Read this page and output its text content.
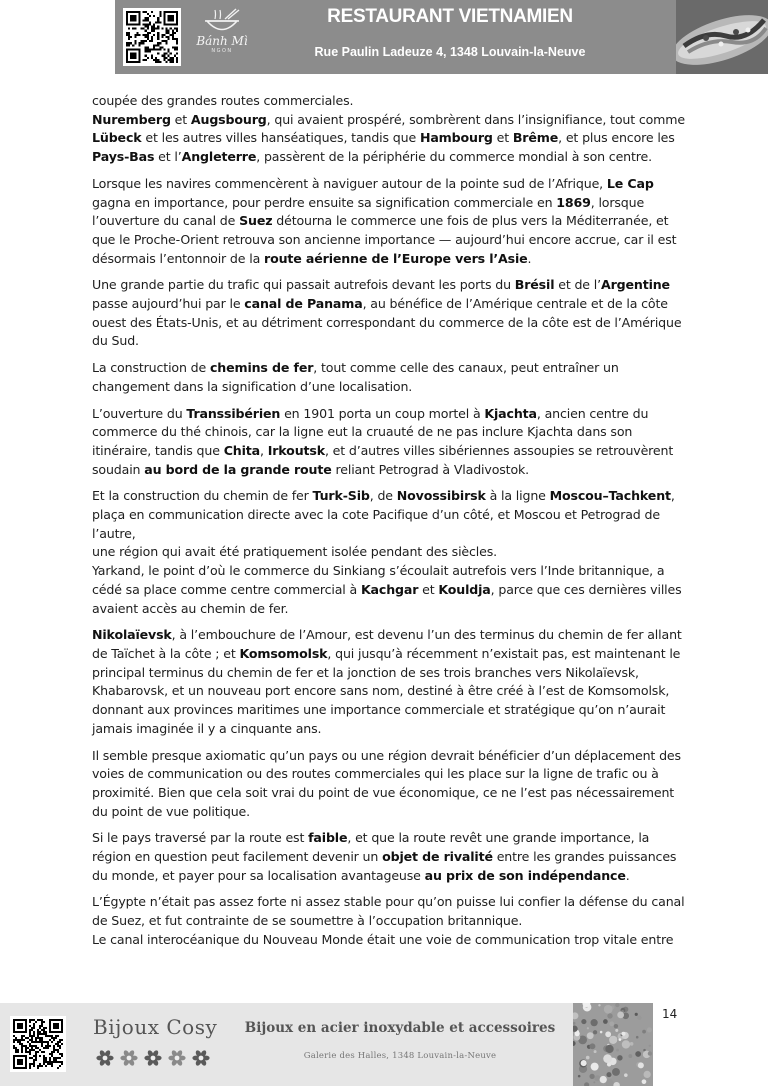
Bánh Mì
NGON
RESTAURANT VIETNAMIEN
Rue Paulin Ladeuze 4, 1348 Louvain-la-Neuve

coupée des grandes routes commerciales.
Nuremberg et Augsbourg, qui avaient prospéré, sombrèrent dans l’insignifiance, tout comme Lübeck et les autres villes hanséatiques, tandis que Hambourg et Brême, et plus encore les Pays-Bas et l’Angleterre, passèrent de la périphérie du commerce mondial à son centre.

Lorsque les navires commencèrent à naviguer autour de la pointe sud de l’Afrique, Le Cap gagna en importance, pour perdre ensuite sa signification commerciale en 1869, lorsque l’ouverture du canal de Suez détourna le commerce une fois de plus vers la Méditerranée, et que le Proche-Orient retrouva son ancienne importance — aujourd’hui encore accrue, car il est désormais l’entonnoir de la route aérienne de l’Europe vers l’Asie.

Une grande partie du trafic qui passait autrefois devant les ports du Brésil et de l’Argentine passe aujourd’hui par le canal de Panama, au bénéfice de l’Amérique centrale et de la côte ouest des États-Unis, et au détriment correspondant du commerce de la côte est de l’Amérique du Sud.

La construction de chemins de fer, tout comme celle des canaux, peut entraîner un changement dans la signification d’une localisation.

L’ouverture du Transsibérien en 1901 porta un coup mortel à Kjachta, ancien centre du commerce du thé chinois, car la ligne eut la cruauté de ne pas inclure Kjachta dans son itinéraire, tandis que Chita, Irkoutsk, et d’autres villes sibériennes assoupies se retrouvèrent soudain au bord de la grande route reliant Petrograd à Vladivostok.

Et la construction du chemin de fer Turk-Sib, de Novossibirsk à la ligne Moscou–Tachkent, plaça en communication directe avec la cote Pacifique d’un côté, et Moscou et Petrograd de l’autre,
une région qui avait été pratiquement isolée pendant des siècles.
Yarkand, le point d’où le commerce du Sinkiang s’écoulait autrefois vers l’Inde britannique, a cédé sa place comme centre commercial à Kachgar et Kouldja, parce que ces dernières villes avaient accès au chemin de fer.

Nikolaïevsk, à l’embouchure de l’Amour, est devenu l’un des terminus du chemin de fer allant de Taïchet à la côte ; et Komsomolsk, qui jusqu’à récemment n’existait pas, est maintenant le principal terminus du chemin de fer et la jonction de ses trois branches vers Nikolaïevsk, Khabarovsk, et un nouveau port encore sans nom, destiné à être créé à l’est de Komsomolsk, donnant aux provinces maritimes une importance commerciale et stratégique qu’on n’aurait jamais imaginée il y a cinquante ans.

Il semble presque axiomatic qu’un pays ou une région devrait bénéficier d’un déplacement des voies de communication ou des routes commerciales qui les place sur la ligne de trafic ou à proximité. Bien que cela soit vrai du point de vue économique, ce ne l’est pas nécessairement du point de vue politique.

Si le pays traversé par la route est faible, et que la route revêt une grande importance, la région en question peut facilement devenir un objet de rivalité entre les grandes puissances du monde, et payer pour sa localisation avantageuse au prix de son indépendance.

L’Égypte n’était pas assez forte ni assez stable pour qu’on puisse lui confier la défense du canal de Suez, et fut contrainte de se soumettre à l’occupation britannique.
Le canal interocéanique du Nouveau Monde était une voie de communication trop vitale entre

14
Bijoux Cosy	Bijoux en acier inoxydable et accessoires
Galerie des Halles, 1348 Louvain-la-Neuve
